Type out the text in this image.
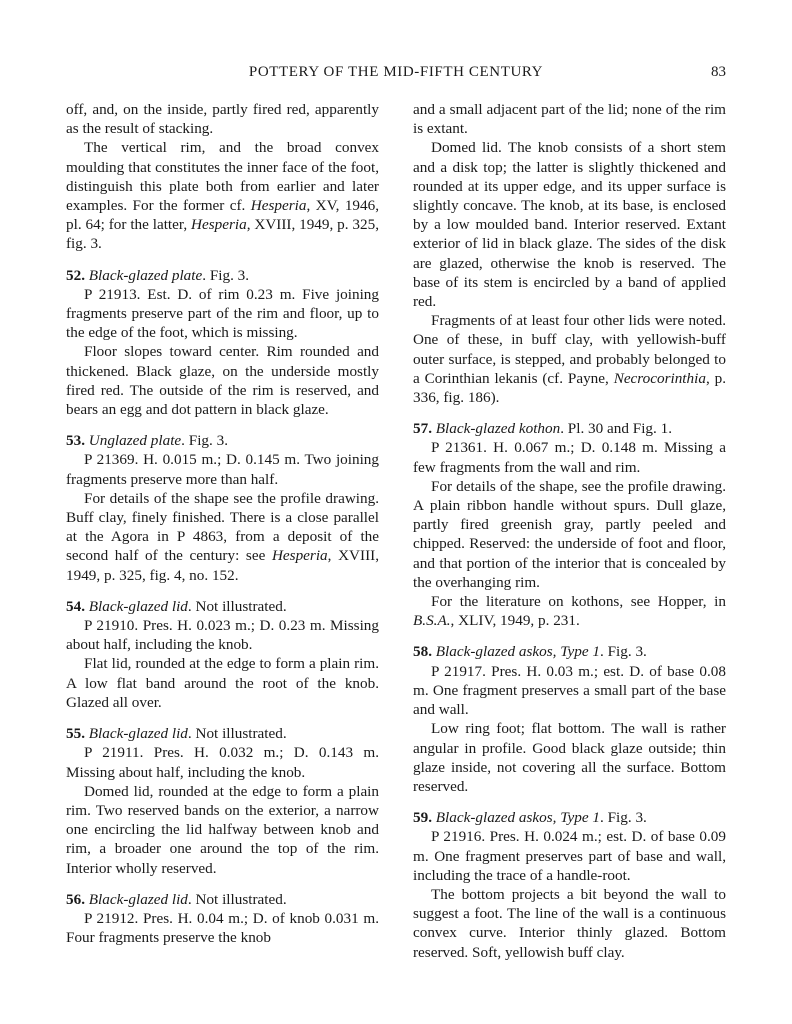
POTTERY OF THE MID-FIFTH CENTURY	83

off, and, on the inside, partly fired red, apparently as the result of stacking.

The vertical rim, and the broad convex moulding that constitutes the inner face of the foot, distinguish this plate both from earlier and later examples. For the former cf. Hesperia, XV, 1946, pl. 64; for the latter, Hesperia, XVIII, 1949, p. 325, fig. 3.

52. Black-glazed plate. Fig. 3.

P 21913. Est. D. of rim 0.23 m. Five joining fragments preserve part of the rim and floor, up to the edge of the foot, which is missing.

Floor slopes toward center. Rim rounded and thickened. Black glaze, on the underside mostly fired red. The outside of the rim is reserved, and bears an egg and dot pattern in black glaze.

53. Unglazed plate. Fig. 3.

P 21369. H. 0.015 m.; D. 0.145 m. Two joining fragments preserve more than half.

For details of the shape see the profile drawing. Buff clay, finely finished. There is a close parallel at the Agora in P 4863, from a deposit of the second half of the century: see Hesperia, XVIII, 1949, p. 325, fig. 4, no. 152.

54. Black-glazed lid. Not illustrated.

P 21910. Pres. H. 0.023 m.; D. 0.23 m. Missing about half, including the knob.

Flat lid, rounded at the edge to form a plain rim. A low flat band around the root of the knob. Glazed all over.

55. Black-glazed lid. Not illustrated.

P 21911. Pres. H. 0.032 m.; D. 0.143 m. Missing about half, including the knob.

Domed lid, rounded at the edge to form a plain rim. Two reserved bands on the exterior, a narrow one encircling the lid halfway between knob and rim, a broader one around the top of the rim. Interior wholly reserved.

56. Black-glazed lid. Not illustrated.

P 21912. Pres. H. 0.04 m.; D. of knob 0.031 m. Four fragments preserve the knob

and a small adjacent part of the lid; none of the rim is extant.

Domed lid. The knob consists of a short stem and a disk top; the latter is slightly thickened and rounded at its upper edge, and its upper surface is slightly concave. The knob, at its base, is enclosed by a low moulded band. Interior reserved. Extant exterior of lid in black glaze. The sides of the disk are glazed, otherwise the knob is reserved. The base of its stem is encircled by a band of applied red.

Fragments of at least four other lids were noted. One of these, in buff clay, with yellowish-buff outer surface, is stepped, and probably belonged to a Corinthian lekanis (cf. Payne, Necrocorinthia, p. 336, fig. 186).

57. Black-glazed kothon. Pl. 30 and Fig. 1.

P 21361. H. 0.067 m.; D. 0.148 m. Missing a few fragments from the wall and rim.

For details of the shape, see the profile drawing. A plain ribbon handle without spurs. Dull glaze, partly fired greenish gray, partly peeled and chipped. Reserved: the underside of foot and floor, and that portion of the interior that is concealed by the overhanging rim.

For the literature on kothons, see Hopper, in B.S.A., XLIV, 1949, p. 231.

58. Black-glazed askos, Type 1. Fig. 3.

P 21917. Pres. H. 0.03 m.; est. D. of base 0.08 m. One fragment preserves a small part of the base and wall.

Low ring foot; flat bottom. The wall is rather angular in profile. Good black glaze outside; thin glaze inside, not covering all the surface. Bottom reserved.

59. Black-glazed askos, Type 1. Fig. 3.

P 21916. Pres. H. 0.024 m.; est. D. of base 0.09 m. One fragment preserves part of base and wall, including the trace of a handle-root.

The bottom projects a bit beyond the wall to suggest a foot. The line of the wall is a continuous convex curve. Interior thinly glazed. Bottom reserved. Soft, yellowish buff clay.
